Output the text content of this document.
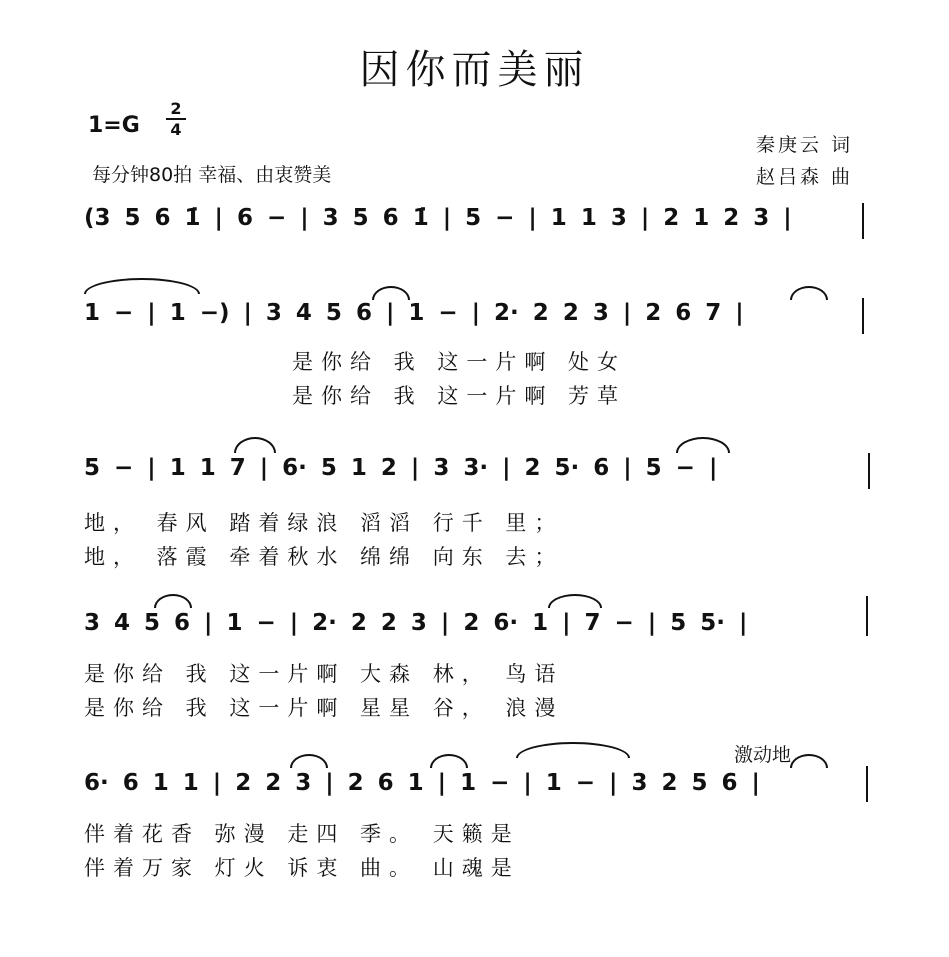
因你而美丽
1=G
2
4
每分钟80拍 幸福、由衷赞美
秦庚云 词
赵吕森 曲
(3 5 6 1̇ | 6 − | 3 5 6 1̇ | 5 − | 1 1 3 | 2 1 2 3 |
1 − | 1 −) | 3 4 5 6 | 1 − | 2· 2 2 3 | 2 6 7 |
是你给 我 这一片啊 处女
是你给 我 这一片啊 芳草
5 − | 1 1 7 | 6· 5 1 2 | 3 3· | 2 5· 6 | 5 − |
地， 春风 踏着绿浪 滔滔 行千 里；
地， 落霞 牵着秋水 绵绵 向东 去；
3 4 5 6 | 1 − | 2· 2 2 3 | 2 6· 1 | 7 − | 5 5· |
是你给 我 这一片啊 大森 林， 鸟语
是你给 我 这一片啊 星星 谷， 浪漫
激动地
6· 6 1 1 | 2 2 3 | 2 6 1 | 1 − | 1 − | 3 2 5 6 |
伴着花香 弥漫 走四 季。 天籁是
伴着万家 灯火 诉衷 曲。 山魂是
